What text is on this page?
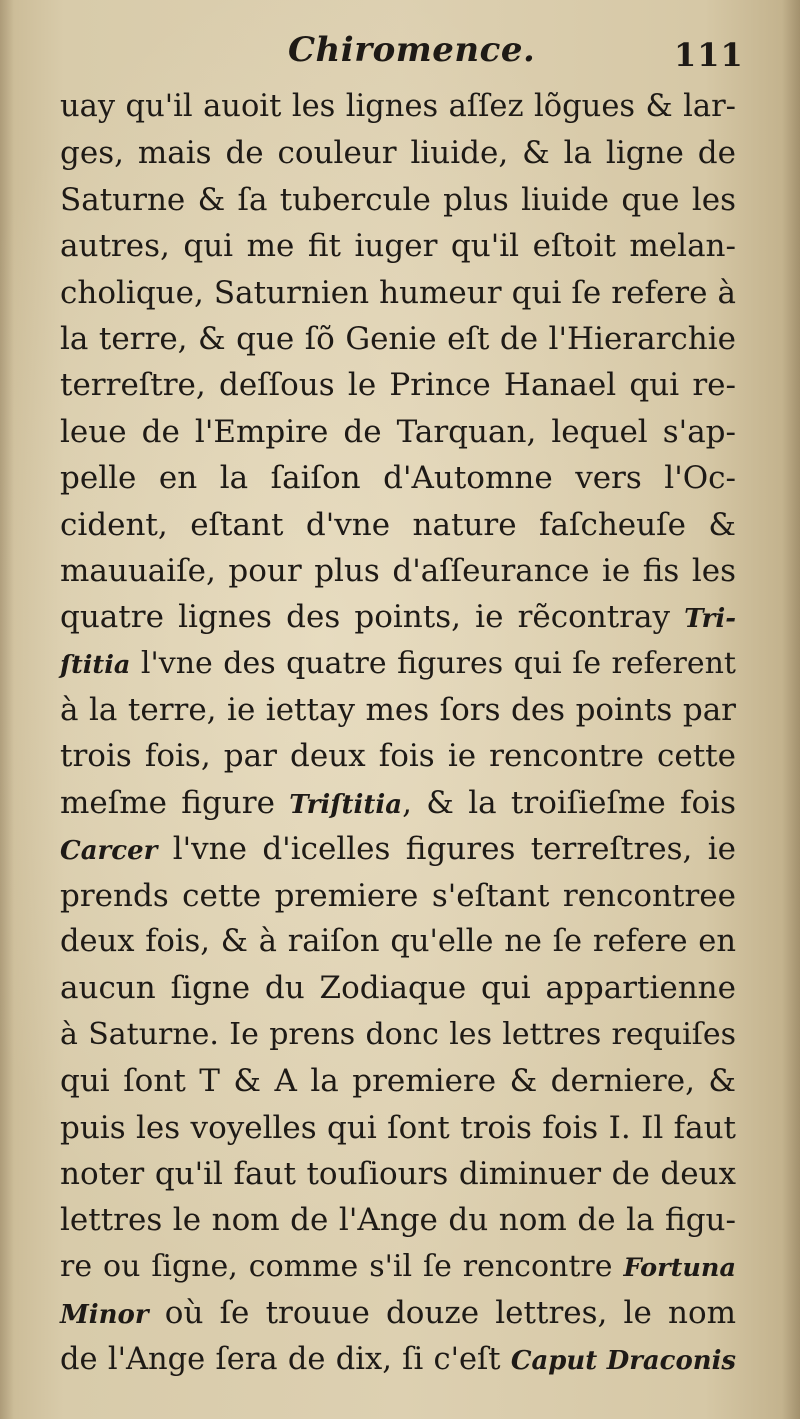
Chiromence.	111
uay qu'il auoit les lignes aſſez lõgues & lar-
ges, mais de couleur liuide, & la ligne de
Saturne & ſa tubercule plus liuide que les
autres, qui me fit iuger qu'il eſtoit melan-
cholique, Saturnien humeur qui ſe refere à
la terre, & que ſõ Genie eſt de l'Hierarchie
terreſtre, deſſous le Prince Hanael qui re-
leue de l'Empire de Tarquan, lequel s'ap-
pelle en la ſaiſon d'Automne vers l'Oc-
cident, eſtant d'vne nature faſcheuſe &
mauuaiſe, pour plus d'aſſeurance ie fis les
quatre lignes des points, ie rẽcontray Tri-
ſtitia l'vne des quatre figures qui ſe referent
à la terre, ie iettay mes ſors des points par
trois fois, par deux fois ie rencontre cette
meſme figure Triſtitia, & la troiſieſme fois
Carcer l'vne d'icelles figures terreſtres, ie
prends cette premiere s'eſtant rencontree
deux fois, & à raiſon qu'elle ne ſe refere en
aucun ſigne du Zodiaque qui appartienne
à Saturne. Ie prens donc les lettres requiſes
qui ſont T & A la premiere & derniere, &
puis les voyelles qui ſont trois fois I. Il faut
noter qu'il faut touſiours diminuer de deux
lettres le nom de l'Ange du nom de la figu-
re ou ſigne, comme s'il ſe rencontre Fortuna
Minor où ſe trouue douze lettres, le nom
de l'Ange ſera de dix, ſi c'eſt Caput Draconis
